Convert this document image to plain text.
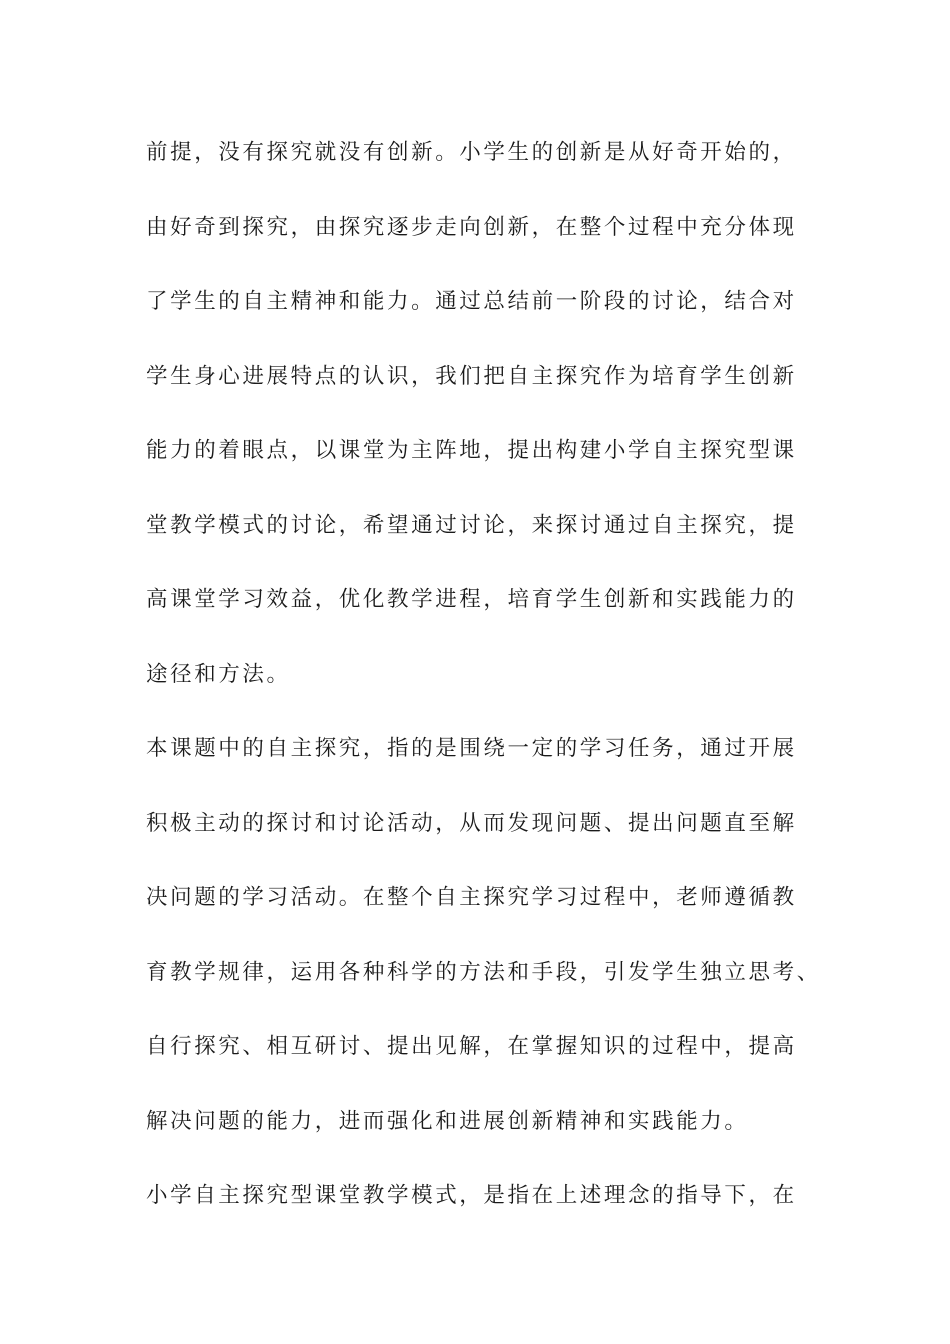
前提，没有探究就没有创新。小学生的创新是从好奇开始的，
由好奇到探究，由探究逐步走向创新，在整个过程中充分体现
了学生的自主精神和能力。通过总结前一阶段的讨论，结合对
学生身心进展特点的认识，我们把自主探究作为培育学生创新
能力的着眼点，以课堂为主阵地，提出构建小学自主探究型课
堂教学模式的讨论，希望通过讨论，来探讨通过自主探究，提
高课堂学习效益，优化教学进程，培育学生创新和实践能力的
途径和方法。
本课题中的自主探究，指的是围绕一定的学习任务，通过开展
积极主动的探讨和讨论活动，从而发现问题、提出问题直至解
决问题的学习活动。在整个自主探究学习过程中，老师遵循教
育教学规律，运用各种科学的方法和手段，引发学生独立思考、
自行探究、相互研讨、提出见解，在掌握知识的过程中，提高
解决问题的能力，进而强化和进展创新精神和实践能力。
小学自主探究型课堂教学模式，是指在上述理念的指导下，在
